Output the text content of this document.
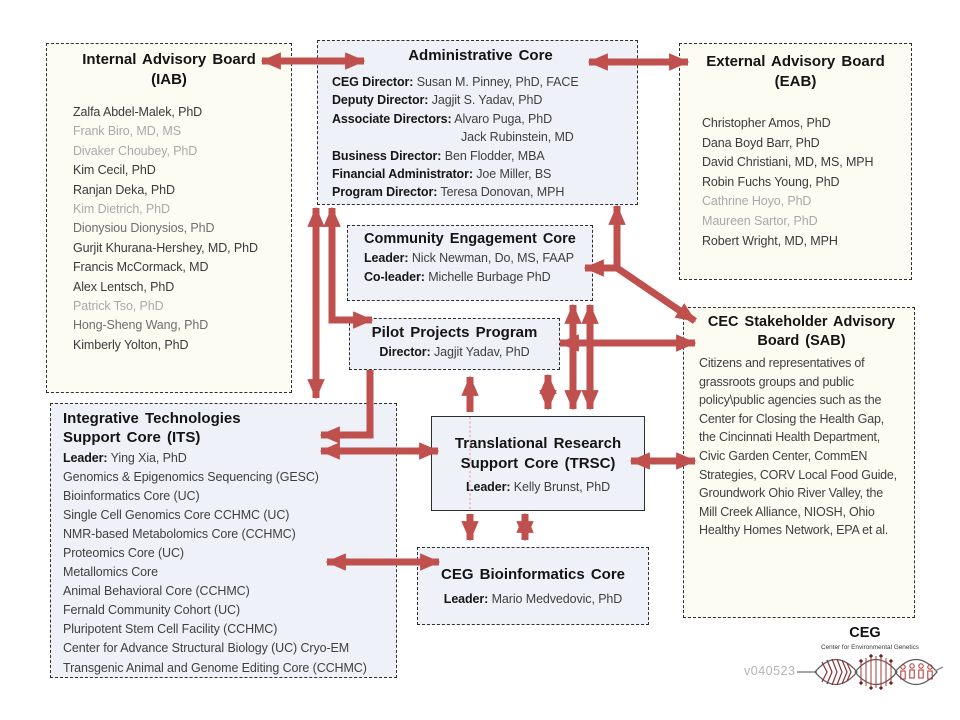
Internal Advisory Board
(IAB)
Zalfa Abdel-Malek, PhD
Frank Biro, MD, MS
Divaker Choubey, PhD
Kim Cecil, PhD
Ranjan Deka, PhD
Kim Dietrich, PhD
Dionysiou Dionysios, PhD
Gurjit Khurana-Hershey, MD, PhD
Francis McCormack, MD
Alex Lentsch, PhD
Patrick Tso, PhD
Hong-Sheng Wang, PhD
Kimberly Yolton, PhD
Administrative Core
CEG Director: Susan M. Pinney, PhD, FACE
Deputy Director: Jagjit S. Yadav, PhD
Associate Directors: Alvaro Puga, PhD
Jack Rubinstein, MD
Business Director: Ben Flodder, MBA
Financial Administrator: Joe Miller, BS
Program Director: Teresa Donovan, MPH
External Advisory Board
(EAB)
Christopher Amos, PhD
Dana Boyd Barr, PhD
David Christiani, MD, MS, MPH
Robin Fuchs Young, PhD
Cathrine Hoyo, PhD
Maureen Sartor, PhD
Robert Wright, MD, MPH
Community Engagement Core
Leader: Nick Newman, Do, MS, FAAP
Co-leader: Michelle Burbage PhD
Pilot Projects Program
Director: Jagjit Yadav, PhD
CEC Stakeholder Advisory
Board (SAB)
Citizens and representatives of grassroots groups and public policy\public agencies such as the Center for Closing the Health Gap, the Cincinnati Health Department, Civic Garden Center, CommEN Strategies, CORV Local Food Guide, Groundwork Ohio River Valley, the Mill Creek Alliance, NIOSH, Ohio Healthy Homes Network, EPA et al.
Integrative Technologies
Support Core (ITS)
Leader: Ying Xia, PhD
Genomics & Epigenomics Sequencing (GESC)
Bioinformatics Core (UC)
Single Cell Genomics Core CCHMC (UC)
NMR-based Metabolomics Core (CCHMC)
Proteomics Core (UC)
Metallomics Core
Animal Behavioral Core (CCHMC)
Fernald Community Cohort (UC)
Pluripotent Stem Cell Facility (CCHMC)
Center for Advance Structural Biology (UC) Cryo-EM
Transgenic Animal and Genome Editing Core (CCHMC)
Translational Research
Support Core (TRSC)
Leader: Kelly Brunst, PhD
CEG Bioinformatics Core
Leader: Mario Medvedovic, PhD
v040523
CEG
Center for Environmental Genetics
